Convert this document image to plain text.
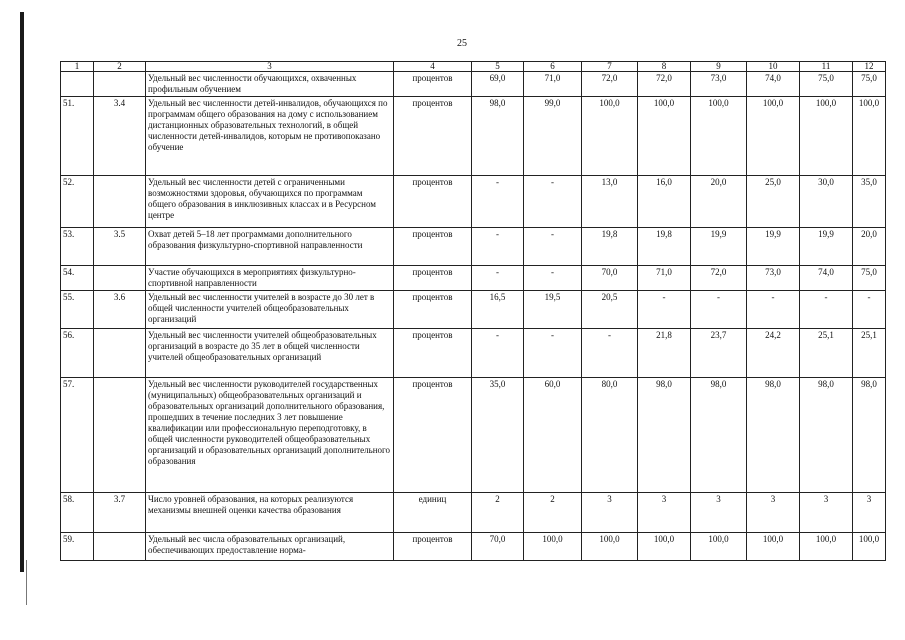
25
1	2	3	4	5	6	7	8	9	10	11	12
		Удельный вес численности обучающихся, охваченных профильным обучением	процентов	69,0	71,0	72,0	72,0	73,0	74,0	75,0	75,0
51.	3.4	Удельный вес численности детей-инвалидов, обучающихся по программам общего образования на дому с использованием дистанционных образовательных технологий, в общей численности детей-инвалидов, которым не противопоказано обучение	процентов	98,0	99,0	100,0	100,0	100,0	100,0	100,0	100,0
52.		Удельный вес численности детей с ограниченными возможностями здоровья, обучающихся по программам общего образования в инклюзивных классах и в Ресурсном центре	процентов	-	-	13,0	16,0	20,0	25,0	30,0	35,0
53.	3.5	Охват детей 5–18 лет программами дополнительного образования физкультурно-спортивной направленности	процентов	-	-	19,8	19,8	19,9	19,9	19,9	20,0
54.		Участие обучающихся в мероприятиях физкультурно-спортивной направленности	процентов	-	-	70,0	71,0	72,0	73,0	74,0	75,0
55.	3.6	Удельный вес численности учителей в возрасте до 30 лет в общей численности учителей общеобразовательных организаций	процентов	16,5	19,5	20,5	-	-	-	-	-
56.		Удельный вес численности учителей общеобразовательных организаций в возрасте до 35 лет в общей численности учителей общеобразовательных организаций	процентов	-	-	-	21,8	23,7	24,2	25,1	25,1
57.		Удельный вес численности руководителей государственных (муниципальных) общеобразовательных организаций и образовательных организаций дополнительного образования, прошедших в течение последних 3 лет повышение квалификации или профессиональную переподготовку, в общей численности руководителей общеобразовательных организаций и образовательных организаций дополнительного образования	процентов	35,0	60,0	80,0	98,0	98,0	98,0	98,0	98,0
58.	3.7	Число уровней образования, на которых реализуются механизмы внешней оценки качества образования	единиц	2	2	3	3	3	3	3	3
59.		Удельный вес числа образовательных организаций, обеспечивающих предоставление норма-	процентов	70,0	100,0	100,0	100,0	100,0	100,0	100,0	100,0
